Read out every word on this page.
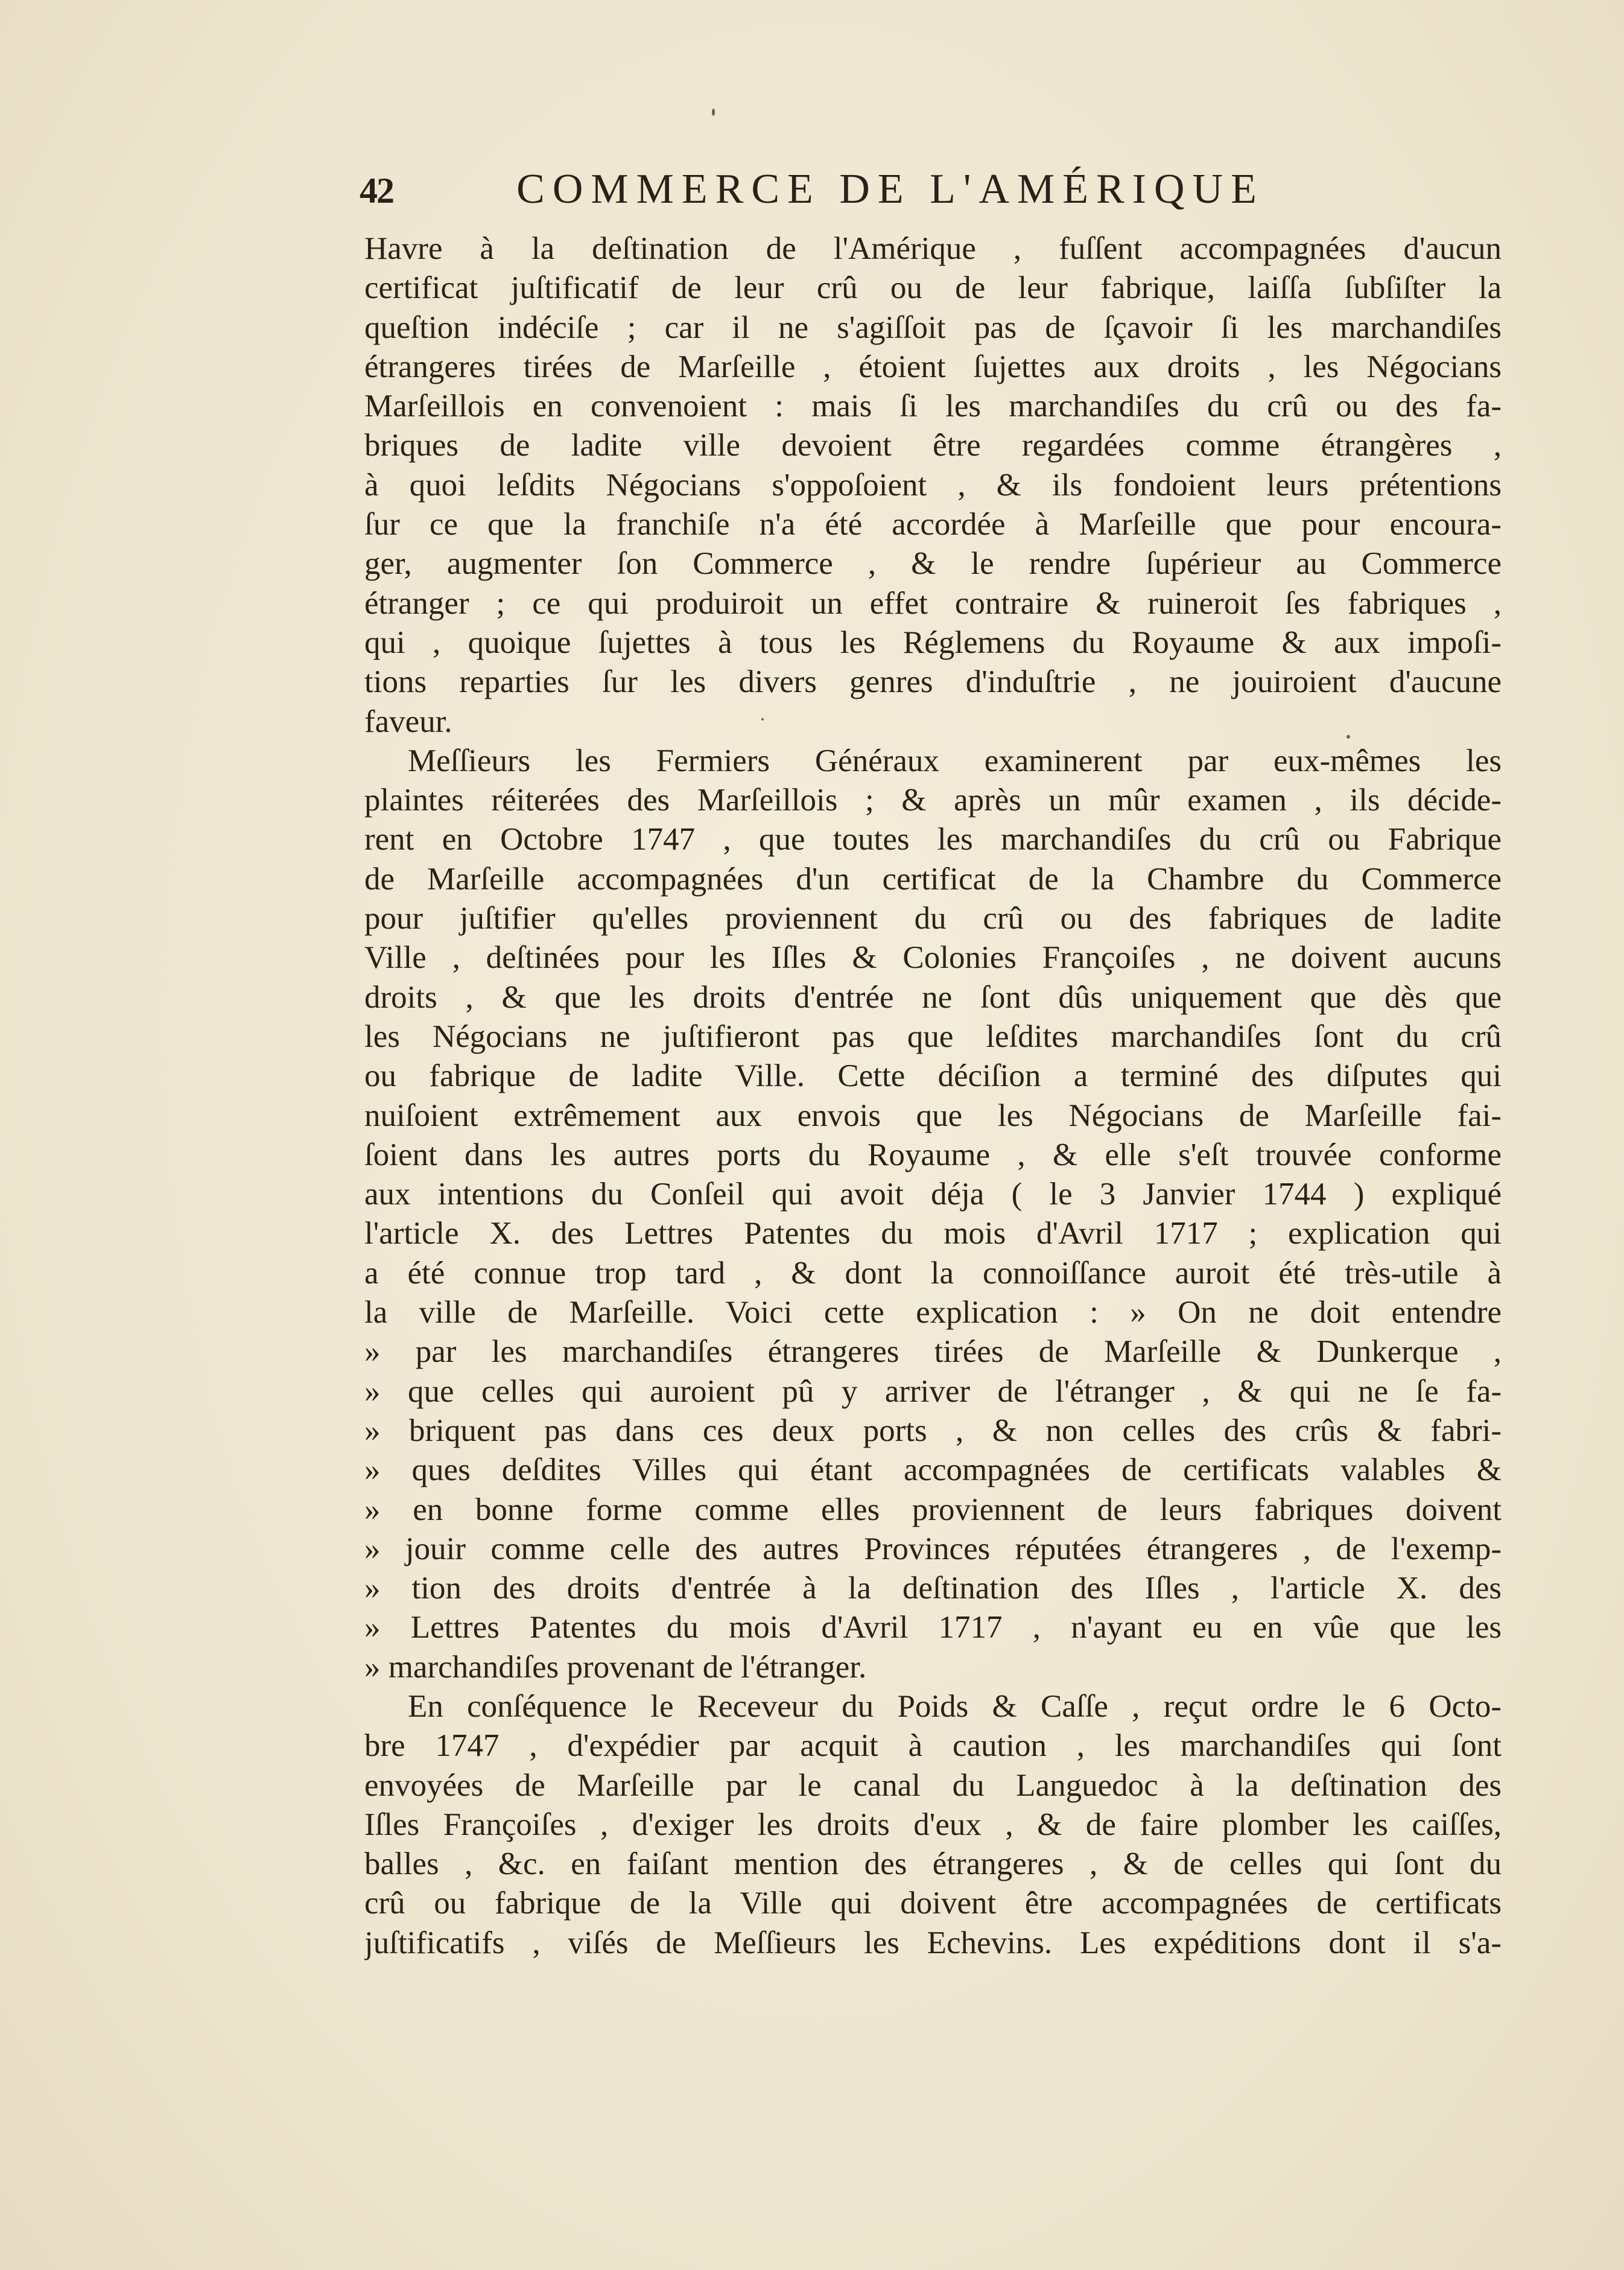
42	COMMERCE DE L'AMÉRIQUE
Havre à la deſtination de l'Amérique , fuſſent accompagnées d'aucun
certificat juſtificatif de leur crû ou de leur fabrique, laiſſa ſubſiſter la
queſtion indéciſe ; car il ne s'agiſſoit pas de ſçavoir ſi les marchandiſes
étrangeres tirées de Marſeille , étoient ſujettes aux droits , les Négocians
Marſeillois en convenoient : mais ſi les marchandiſes du crû ou des fa-
briques de ladite ville devoient être regardées comme étrangères ,
à quoi leſdits Négocians s'oppoſoient , & ils fondoient leurs prétentions
ſur ce que la franchiſe n'a été accordée à Marſeille que pour encoura-
ger, augmenter ſon Commerce , & le rendre ſupérieur au Commerce
étranger ; ce qui produiroit un effet contraire & ruineroit ſes fabriques ,
qui , quoique ſujettes à tous les Réglemens du Royaume & aux impoſi-
tions reparties ſur les divers genres d'induſtrie , ne jouiroient d'aucune
faveur.
Meſſieurs les Fermiers Généraux examinerent par eux-mêmes les
plaintes réiterées des Marſeillois ; & après un mûr examen , ils décide-
rent en Octobre 1747 , que toutes les marchandiſes du crû ou Fabrique
de Marſeille accompagnées d'un certificat de la Chambre du Commerce
pour juſtifier qu'elles proviennent du crû ou des fabriques de ladite
Ville , deſtinées pour les Iſles & Colonies Françoiſes , ne doivent aucuns
droits , & que les droits d'entrée ne ſont dûs uniquement que dès que
les Négocians ne juſtifieront pas que leſdites marchandiſes ſont du crû
ou fabrique de ladite Ville. Cette déciſion a terminé des diſputes qui
nuiſoient extrêmement aux envois que les Négocians de Marſeille fai-
ſoient dans les autres ports du Royaume , & elle s'eſt trouvée conforme
aux intentions du Conſeil qui avoit déja ( le 3 Janvier 1744 ) expliqué
l'article X. des Lettres Patentes du mois d'Avril 1717 ; explication qui
a été connue trop tard , & dont la connoiſſance auroit été très-utile à
la ville de Marſeille. Voici cette explication : » On ne doit entendre
» par les marchandiſes étrangeres tirées de Marſeille & Dunkerque ,
» que celles qui auroient pû y arriver de l'étranger , & qui ne ſe fa-
» briquent pas dans ces deux ports , & non celles des crûs & fabri-
» ques deſdites Villes qui étant accompagnées de certificats valables &
» en bonne forme comme elles proviennent de leurs fabriques doivent
» jouir comme celle des autres Provinces réputées étrangeres , de l'exemp-
» tion des droits d'entrée à la deſtination des Iſles , l'article X. des
» Lettres Patentes du mois d'Avril 1717 , n'ayant eu en vûe que les
» marchandiſes provenant de l'étranger.
En conſéquence le Receveur du Poids & Caſſe , reçut ordre le 6 Octo-
bre 1747 , d'expédier par acquit à caution , les marchandiſes qui ſont
envoyées de Marſeille par le canal du Languedoc à la deſtination des
Iſles Françoiſes , d'exiger les droits d'eux , & de faire plomber les caiſſes,
balles , &c. en faiſant mention des étrangeres , & de celles qui ſont du
crû ou fabrique de la Ville qui doivent être accompagnées de certificats
juſtificatifs , viſés de Meſſieurs les Echevins. Les expéditions dont il s'a-
